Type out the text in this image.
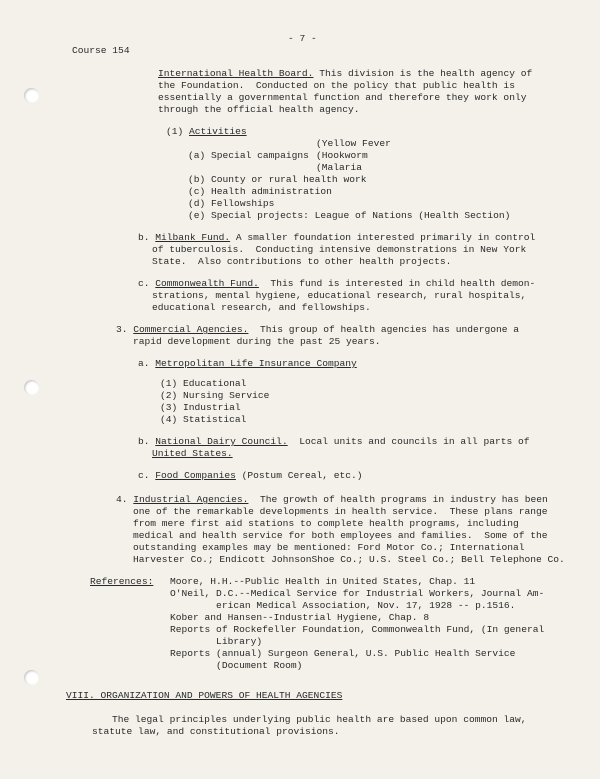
- 7 -
Course 154
International Health Board. This division is the health agency of
the Foundation.  Conducted on the policy that public health is
essentially a governmental function and therefore they work only
through the official health agency.
(1) Activities
(Yellow Fever
(a) Special campaigns (Hookworm
(Malaria
(b) County or rural health work
(c) Health administration
(d) Fellowships
(e) Special projects: League of Nations (Health Section)
b. Milbank Fund. A smaller foundation interested primarily in control
of tuberculosis.  Conducting intensive demonstrations in New York
State.  Also contributions to other health projects.
c. Commonwealth Fund.  This fund is interested in child health demon-
strations, mental hygiene, educational research, rural hospitals,
educational research, and fellowships.
3. Commercial Agencies.  This group of health agencies has undergone a
rapid development during the past 25 years.
a. Metropolitan Life Insurance Company
(1) Educational
(2) Nursing Service
(3) Industrial
(4) Statistical
b. National Dairy Council.  Local units and councils in all parts of
United States.
c. Food Companies (Postum Cereal, etc.)
4. Industrial Agencies.  The growth of health programs in industry has been
one of the remarkable developments in health service.  These plans range
from mere first aid stations to complete health programs, including
medical and health service for both employees and families.  Some of the
outstanding examples may be mentioned: Ford Motor Co.; International
Harvester Co.; Endicott JohnsonShoe Co.; U.S. Steel Co.; Bell Telephone Co.
References: Moore, H.H.--Public Health in United States, Chap. 11
O'Neil, D.C.--Medical Service for Industrial Workers, Journal Am-
erican Medical Association, Nov. 17, 1928 -- p.1516.
Kober and Hansen--Industrial Hygiene, Chap. 8
Reports of Rockefeller Foundation, Commonwealth Fund, (In general
Library)
Reports (annual) Surgeon General, U.S. Public Health Service
(Document Room)
VIII. ORGANIZATION AND POWERS OF HEALTH AGENCIES
The legal principles underlying public health are based upon common law,
statute law, and constitutional provisions.
